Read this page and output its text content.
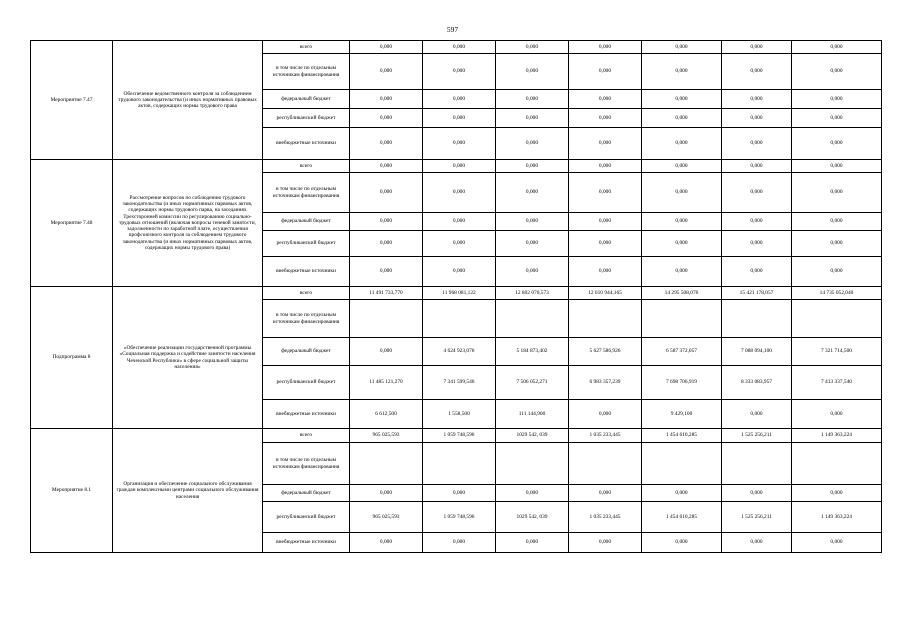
597
Мероприятие 7.47	Обеспечение ведомственного контроля за соблюдением трудового законодательства (и иных нормативных правовых актов, содержащих нормы трудового права	всего	0,000	0,000	0,000	0,000	0,000	0,000	0,000
		в том числе по отдельным источникам финансирования	0,000	0,000	0,000	0,000	0,000	0,000	0,000
		федеральный бюджет	0,000	0,000	0,000	0,000	0,000	0,000	0,000
		республиканский бюджет	0,000	0,000	0,000	0,000	0,000	0,000	0,000
		внебюджетные источники	0,000	0,000	0,000	0,000	0,000	0,000	0,000
Мероприятие 7.48	Рассмотрение вопросов по соблюдению трудового законодательства (и иных нормативных парвовых актов, содержащих нормы трудового парва, на заседаниях Трехсторонней комиссии по регулированию социально-трудовых отношений (включая вопросы теневой занятости, задолженности по заработной плате, осуществления профсоюзного контроля за соблюдением трудового законодательства (и иных нормативных парвовых актов, содержащих нормы трудового права)	всего	0,000	0,000	0,000	0,000	0,000	0,000	0,000
		в том числе по отдельным источникам финансирования	0,000	0,000	0,000	0,000	0,000	0,000	0,000
		федеральный бюджет	0,000	0,000	0,000	0,000	0,000	0,000	0,000
		республиканский бюджет	0,000	0,000	0,000	0,000	0,000	0,000	0,000
		внебюджетные источники	0,000	0,000	0,000	0,000	0,000	0,000	0,000
Подпрограмма 8	«Обеспечение реализации государственной программы «Социальная поддержка и содействие занятости населения Чеченской Республики» в сфере социальной защиты населения»	всего	11 491 733,770	11 968 081,122	12 802 070,573	12 610 944,165	14 295 508,076	15 421 178,057	14 735 052,040
		в том числе по отдельным источникам финансирования							
		федеральный бюджет	0,000	4 624 923,076	5 184 873,402	5 627 586,926	6 587 372,057	7 088 094,100	7 321 714,500
		республиканский бюджет	11 485 121,270	7 341 599,546	7 506 052,271	6 983 357,239	7 698 706,919	8 333 083,957	7 413 337,540
		внебюджетные источники	6 612,500	1 558,500	111 144,900	0,000	9 429,100	0,000	0,000
Мероприятие 8.1	Организация и обеспечение социального обслуживания граждан комплексными центрами социального обслуживания населения	всего	965 025,593	1 059 748,596	1029 542, 039	1 035 233,445	1 454 610,285	1 525 256,211	1 149 363,224
		в том числе по отдельным источникам финансирования							
		федеральный бюджет	0,000	0,000	0,000	0,000	0,000	0,000	0,000
		республиканский бюджет	965 025,593	1 059 748,596	1029 542, 039	1 035 233,445	1 454 610,285	1 525 256,211	1 149 363,224
		внебюджетные источники	0,000	0,000	0,000	0,000	0,000	0,000	0,000
